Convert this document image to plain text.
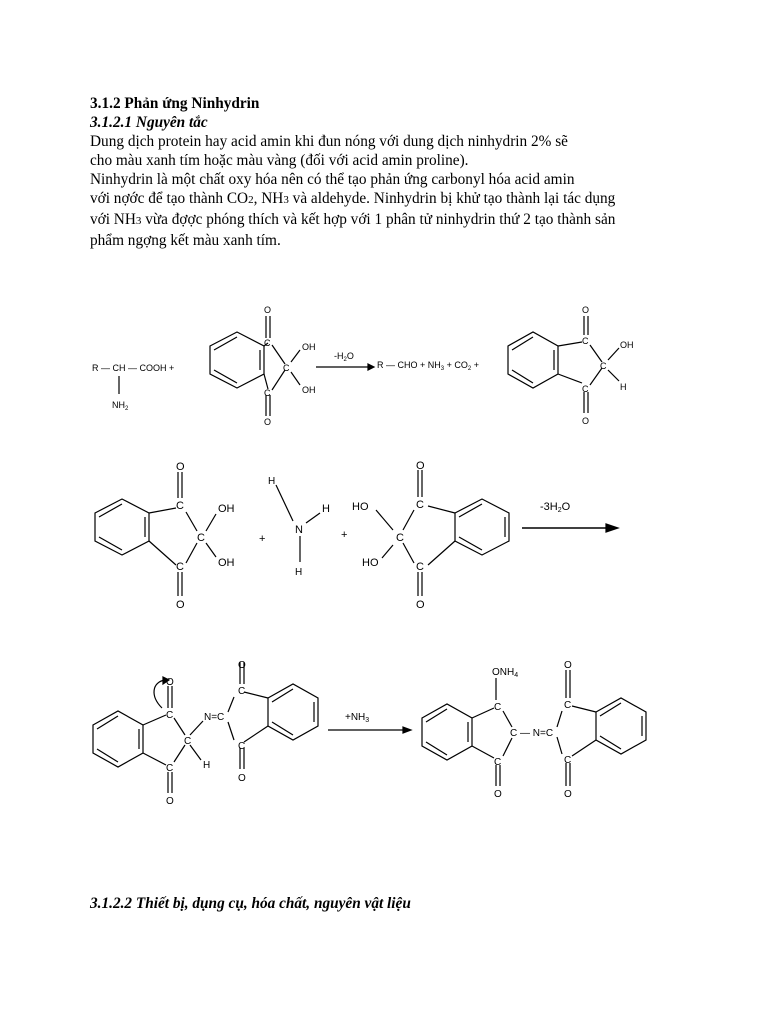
3.1.2 Phản ứng Ninhydrin
3.1.2.1 Nguyên tắc
Dung dịch protein hay acid amin khi đun nóng với dung dịch ninhydrin 2% sẽ
cho màu xanh tím hoặc màu vàng (đối với acid amin proline).
Ninhydrin là một chất oxy hóa nên có thể tạo phản ứng carbonyl hóa acid amin
với nợớc để tạo thành CO2, NH3 và aldehyde. Ninhydrin bị khử tạo thành lại tác dụng
với NH3 vừa đợợc phóng thích và kết hợp với 1 phân tử ninhydrin thứ 2 tạo thành sản
phẩm ngợng kết màu xanh tím.
R — CH — COOH +
$NH_2$
O
C
C
C
O
OH
OH
$-H_2O$
R — CHO + $NH_3 + CO_2$ +
O
C
C
C
O
OH
H
O
C
C
C
O
OH
OH
+
H
H
N
H
+
HO
HO
O
C
C
C
O
-3H2O
O
C
C
C
O
H
N=C
O
C
C
O
$+NH_3$
$ONH_4$
C
C — N=C
C
O
O
C
C
O
3.1.2.2 Thiết bị, dụng cụ, hóa chất, nguyên vật liệu
